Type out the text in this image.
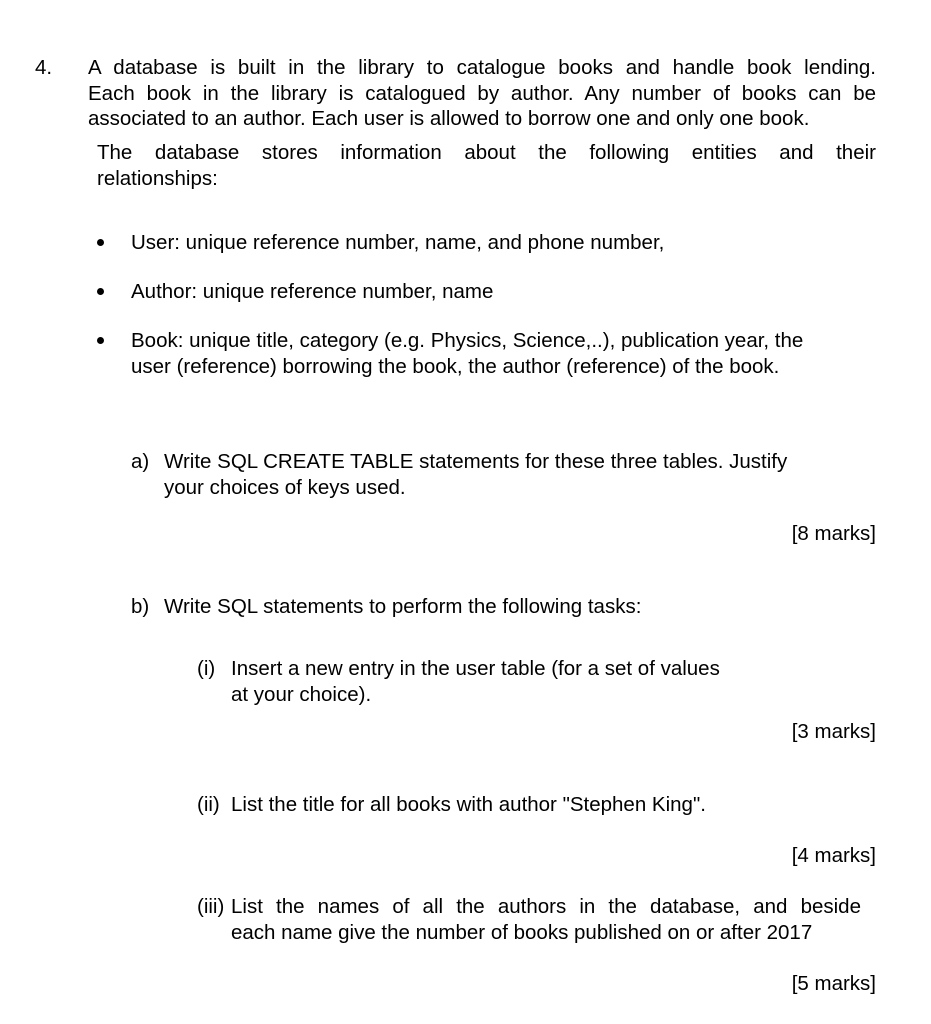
4. A database is built in the library to catalogue books and handle book lending.
Each book in the library is catalogued by author. Any number of books can be
associated to an author. Each user is allowed to borrow one and only one book.
The database stores information about the following entities and their
relationships:
User: unique reference number, name, and phone number,
Author: unique reference number, name
Book: unique title, category (e.g. Physics, Science,..), publication year, the
user (reference) borrowing the book, the author (reference) of the book.
a) Write SQL CREATE TABLE statements for these three tables. Justify
your choices of keys used.
[8 marks]
b) Write SQL statements to perform the following tasks:
(i) Insert a new entry in the user table (for a set of values
at your choice).
[3 marks]
(ii) List the title for all books with author "Stephen King".
[4 marks]
(iii) List the names of all the authors in the database, and beside
each name give the number of books published on or after 2017
[5 marks]
